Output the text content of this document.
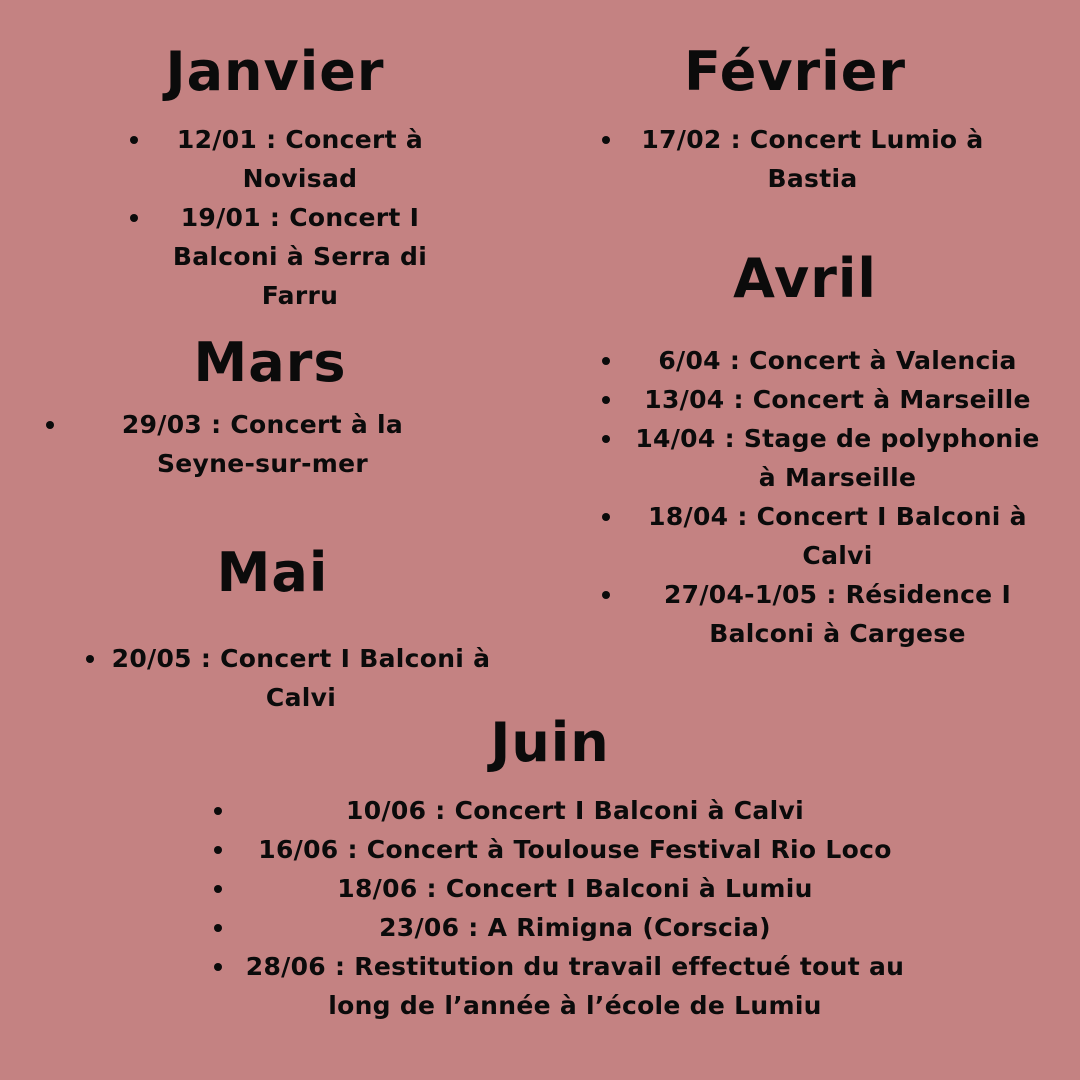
Janvier
12/01 : Concert à Novisad
19/01 : Concert I Balconi à Serra di Farru
Février
17/02 : Concert Lumio à Bastia
Mars
29/03 : Concert à la Seyne-sur-mer
Avril
6/04 : Concert à Valencia
13/04 : Concert à Marseille
14/04 : Stage de polyphonie à Marseille
18/04 : Concert I Balconi à Calvi
27/04-1/05 : Résidence I Balconi à Cargese
Mai
20/05 : Concert I Balconi à Calvi
Juin
10/06 : Concert I Balconi à Calvi
16/06 : Concert à Toulouse Festival Rio Loco
18/06 : Concert I Balconi à Lumiu
23/06 : A Rimigna (Corscia)
28/06 : Restitution du travail effectué tout au long de l’année à l’école de Lumiu
